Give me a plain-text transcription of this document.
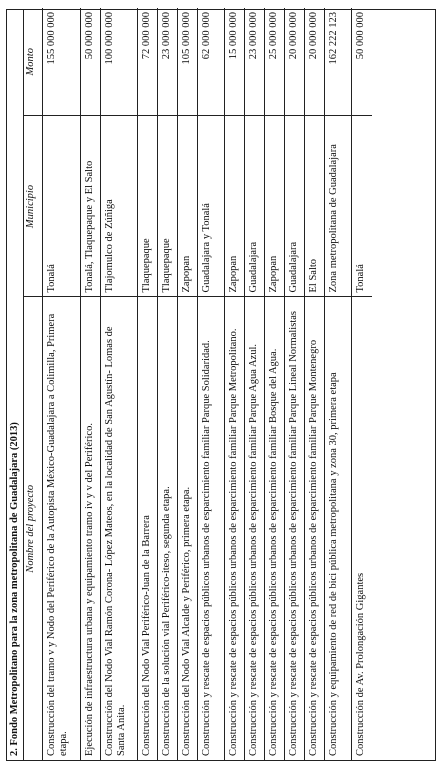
2. Fondo Metropolitano para la zona metropolitana de Guadalajara (2013) Nombre del proyecto	Municipio	Monto
Construcción del tramo v y Nodo del Periférico de la Autopista México-Guadalajara a Colimilla, Primera etapa.	Tonalá	155 000 000
Ejecución de infraestructura urbana y equipamiento tramo iv y v del Periférico.	Tonalá, Tlaquepaque y El Salto	50 000 000
Construcción del Nodo Vial Ramón Corona- López Mateos, en la localidad de San Agustín- Lomas de Santa Anita.	Tlajomulco de Zúñiga	100 000 000
Construcción del Nodo Vial Periférico-Juan de la Barrera	Tlaquepaque	72 000 000
Construcción de la solución vial Periférico-iteso, segunda etapa.	Tlaquepaque	23 000 000
Construcción del Nodo Vial Alcalde y Periférico, primera etapa.	Zapopan	105 000 000
Construcción y rescate de espacios públicos urbanos de esparcimiento familiar Parque Solidaridad.	Guadalajara y Tonalá	62 000 000
Construcción y rescate de espacios públicos urbanos de esparcimiento familiar Parque Metropolitano.	Zapopan	15 000 000
Construcción y rescate de espacios públicos urbanos de esparcimiento familiar Parque Agua Azul.	Guadalajara	23 000 000
Construcción y rescate de espacios públicos urbanos de esparcimiento familiar Bosque del Agua.	Zapopan	25 000 000
Construcción y rescate de espacios públicos urbanos de esparcimiento familiar Parque Lineal Normalistas	Guadalajara	20 000 000
Construcción y rescate de espacios públicos urbanos de esparcimiento familiar Parque Montenegro	El Salto	20 000 000
Construcción y equipamiento de red de bici pública metropolitana y zona 30, primera etapa	Zona metropolitana de Guadalajara	162 222 123
Construcción de Av. Prolongación Gigantes	Tonalá	50 000 000
